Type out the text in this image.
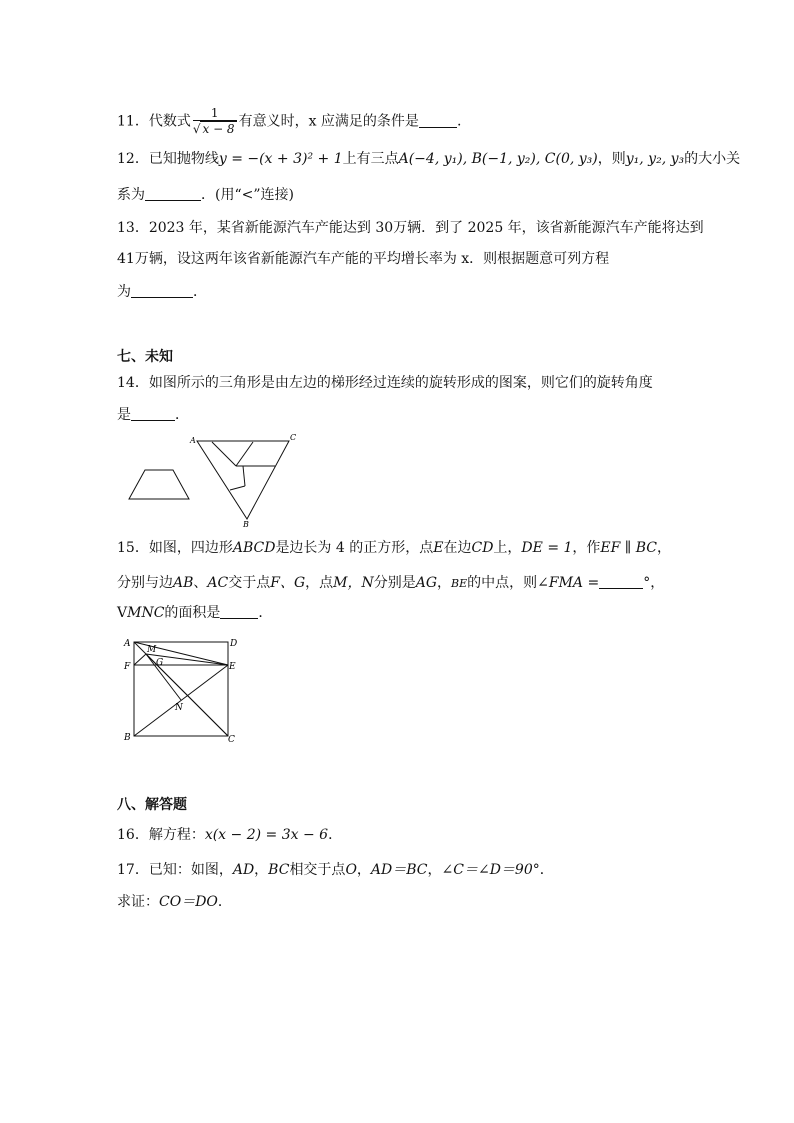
11．代数式 $\frac{1}{√ x - 8}$ 有意义时，x 应满足的条件是	.
12．已知抛物线y = −(x + 3)² + 1上有三点A(−4, y₁), B(−1, y₂), C(0, y₃)，则y₁, y₂, y₃的大小关
系为	．(用“<”连接)
13．2023 年，某省新能源汽车产能达到 30万辆．到了 2025 年，该省新能源汽车产能将达到
41万辆，设这两年该省新能源汽车产能的平均增长率为 x．则根据题意可列方程
为	．
七、未知
14．如图所示的三角形是由左边的梯形经过连续的旋转形成的图案，则它们的旋转角度
是	．
A	C
B
15．如图，四边形ABCD是边长为 4 的正方形，点E在边CD上，DE = 1，作EF ∥ BC，
分别与边AB、AC交于点F、G，点M，N分别是AG，BE的中点，则∠FMA =	°，
VMNC的面积是	．
A	D
M
F	G	E
N
B	C
八、解答题
16．解方程：x(x − 2) = 3x − 6．
17．已知：如图，AD，BC相交于点O，AD＝BC，∠C＝∠D＝90°．
求证：CO＝DO．
